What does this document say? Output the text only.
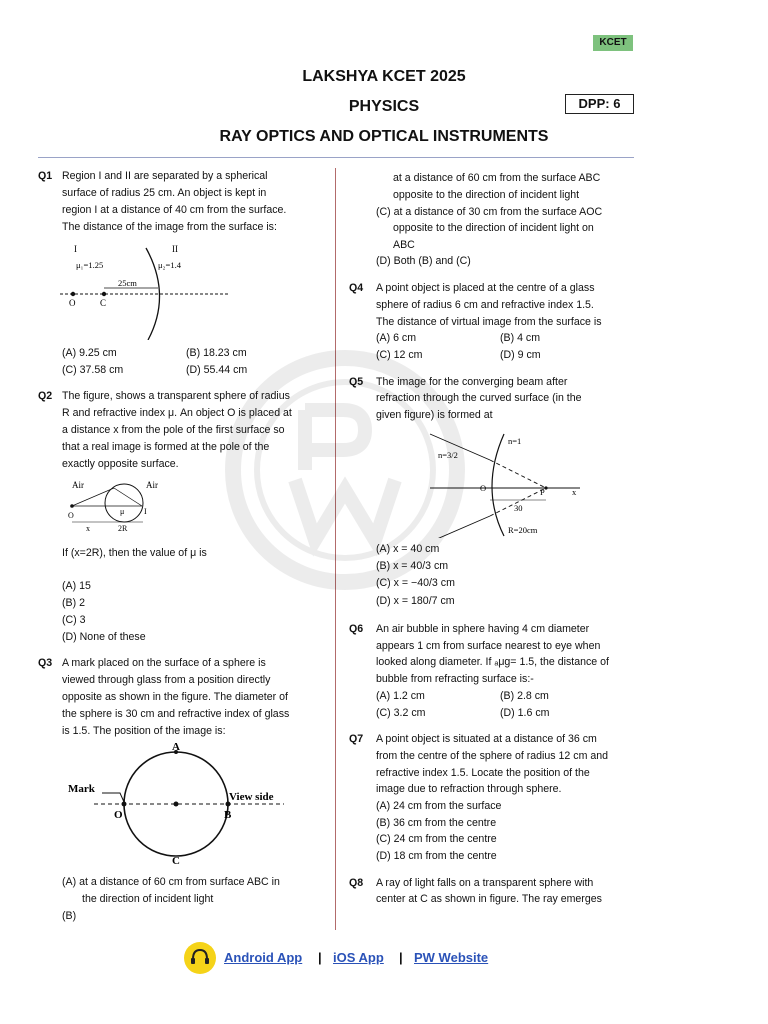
KCET
LAKSHYA KCET 2025
PHYSICS	DPP: 6
RAY OPTICS AND OPTICAL INSTRUMENTS
Q1 Region I and II are separated by a spherical
surface of radius 25 cm. An object is kept in
region I at a distance of 40 cm from the surface.
The distance of the image from the surface is:
I	II
μ₁=1.25	μ₂=1.4
25cm
O	C
(A) 9.25 cm	(B) 18.23 cm
(C) 37.58 cm	(D) 55.44 cm
Q2 The figure, shows a transparent sphere of radius
R and refractive index μ. An object O is placed at
a distance x from the pole of the first surface so
that a real image is formed at the pole of the
exactly opposite surface.
Air	Air
O	μ I
x	2R
If (x=2R), then the value of μ is
(A) 15
(B) 2
(C) 3
(D) None of these
Q3 A mark placed on the surface of a sphere is
viewed through glass from a position directly
opposite as shown in the figure. The diameter of
the sphere is 30 cm and refractive index of glass
is 1.5. The position of the image is:
A
B
C
O
Mark
View side
(A) at a distance of 60 cm from surface ABC in
the direction of incident light
(B)
at a distance of 60 cm from the surface ABC
opposite to the direction of incident light
(C) at a distance of 30 cm from the surface AOC
opposite to the direction of incident light on
ABC
(D) Both (B) and (C)
Q4 A point object is placed at the centre of a glass
sphere of radius 6 cm and refractive index 1.5.
The distance of virtual image from the surface is
(A) 6 cm	(B) 4 cm
(C) 12 cm	(D) 9 cm
Q5 The image for the converging beam after
refraction through the curved surface (in the
given figure) is formed at
n=1
n=3/2
O	P	x
30
R=20cm
(A) x = 40 cm
(B) x = 40/3 cm
(C) x = −40/3 cm
(D) x = 180/7 cm
Q6 An air bubble in sphere having 4 cm diameter
appears 1 cm from surface nearest to eye when
looked along diameter. If ₐμg= 1.5, the distance of
bubble from refracting surface is:-
(A) 1.2 cm	(B) 2.8 cm
(C) 3.2 cm	(D) 1.6 cm
Q7 A point object is situated at a distance of 36 cm
from the centre of the sphere of radius 12 cm and
refractive index 1.5. Locate the position of the
image due to refraction through sphere.
(A) 24 cm from the surface
(B) 36 cm from the centre
(C) 24 cm from the centre
(D) 18 cm from the centre
Q8 A ray of light falls on a transparent sphere with
center at C as shown in figure. The ray emerges
Android App | iOS App | PW Website
